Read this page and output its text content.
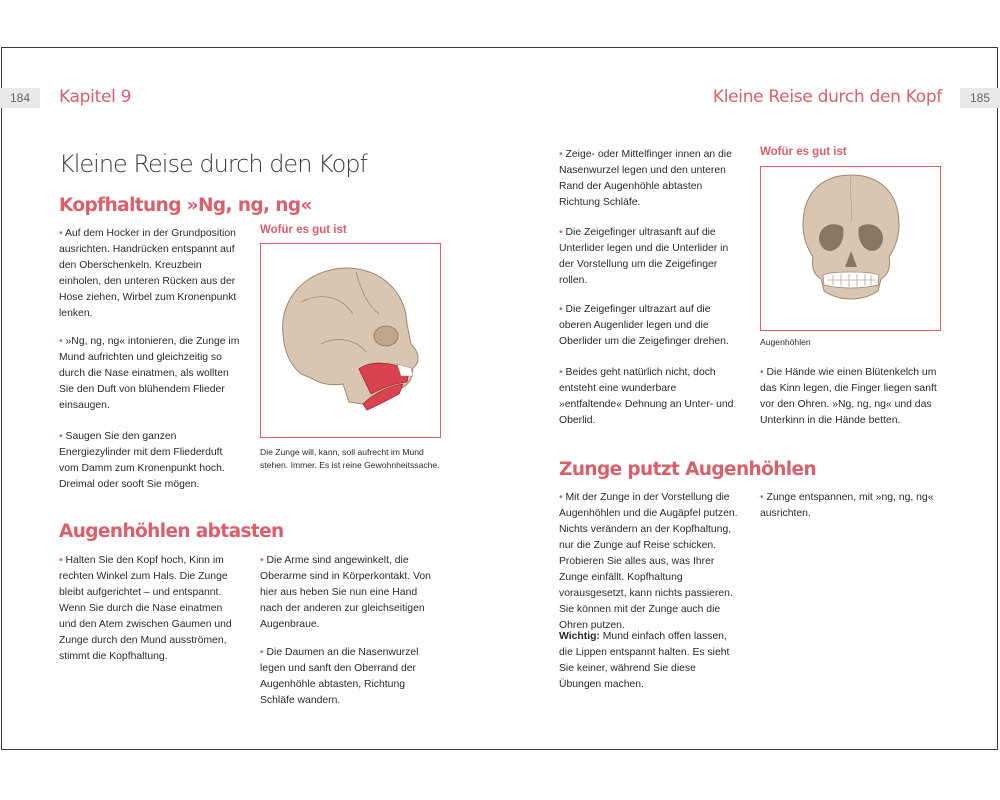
184	Kapitel 9
Kleine Reise durch den Kopf
Kopfhaltung »Ng, ng, ng«

• Auf dem Hocker in der Grundposition ausrichten. Handrücken entspannt auf den Oberschenkeln. Kreuzbein einholen, den unteren Rücken aus der Hose ziehen, Wirbel zum Kronenpunkt lenken.

• »Ng, ng, ng« intonieren, die Zunge im Mund aufrichten und gleichzeitig so durch die Nase einatmen, als wollten Sie den Duft von blühendem Flieder einsaugen.

• Saugen Sie den ganzen Energiezylinder mit dem Fliederduft vom Damm zum Kronenpunkt hoch. Dreimal oder sooft Sie mögen.

Wofür es gut ist
Die Zunge will, kann, soll aufrecht im Mund stehen. Immer. Es ist reine Gewohnheitssache.
Augenhöhlen abtasten

• Halten Sie den Kopf hoch, Kinn im rechten Winkel zum Hals. Die Zunge bleibt aufgerichtet – und entspannt. Wenn Sie durch die Nase einatmen und den Atem zwischen Gaumen und Zunge durch den Mund ausströmen, stimmt die Kopfhaltung.

• Die Arme sind angewinkelt, die Oberarme sind in Körperkontakt. Von hier aus heben Sie nun eine Hand nach der anderen zur gleichseitigen Augenbraue.

• Die Daumen an die Nasenwurzel legen und sanft den Oberrand der Augenhöhle abtasten, Richtung Schläfe wandern.

185
Kleine Reise durch den Kopf

• Zeige- oder Mittelfinger innen an die Nasenwurzel legen und den unteren Rand der Augenhöhle abtasten Richtung Schläfe.

• Die Zeigefinger ultrasanft auf die Unterlider legen und die Unterlider in der Vorstellung um die Zeigefinger rollen.

• Die Zeigefinger ultrazart auf die oberen Augenlider legen und die Oberlider um die Zeigefinger drehen.

• Beides geht natürlich nicht, doch entsteht eine wunderbare »entfaltende« Dehnung an Unter- und Oberlid.

Wofür es gut ist
Augenhöhlen

• Die Hände wie einen Blütenkelch um das Kinn legen, die Finger liegen sanft vor den Ohren. »Ng, ng, ng« und das Unterkinn in die Hände betten.

Zunge putzt Augenhöhlen

• Mit der Zunge in der Vorstellung die Augenhöhlen und die Augäpfel putzen. Nichts verändern an der Kopfhaltung, nur die Zunge auf Reise schicken. Probieren Sie alles aus, was Ihrer Zunge einfällt. Kopfhaltung vorausgesetzt, kann nichts passieren. Sie können mit der Zunge auch die Ohren putzen.

Wichtig: Mund einfach offen lassen, die Lippen entspannt halten. Es sieht Sie keiner, während Sie diese Übungen machen.

• Zunge entspannen, mit »ng, ng, ng« ausrichten.
